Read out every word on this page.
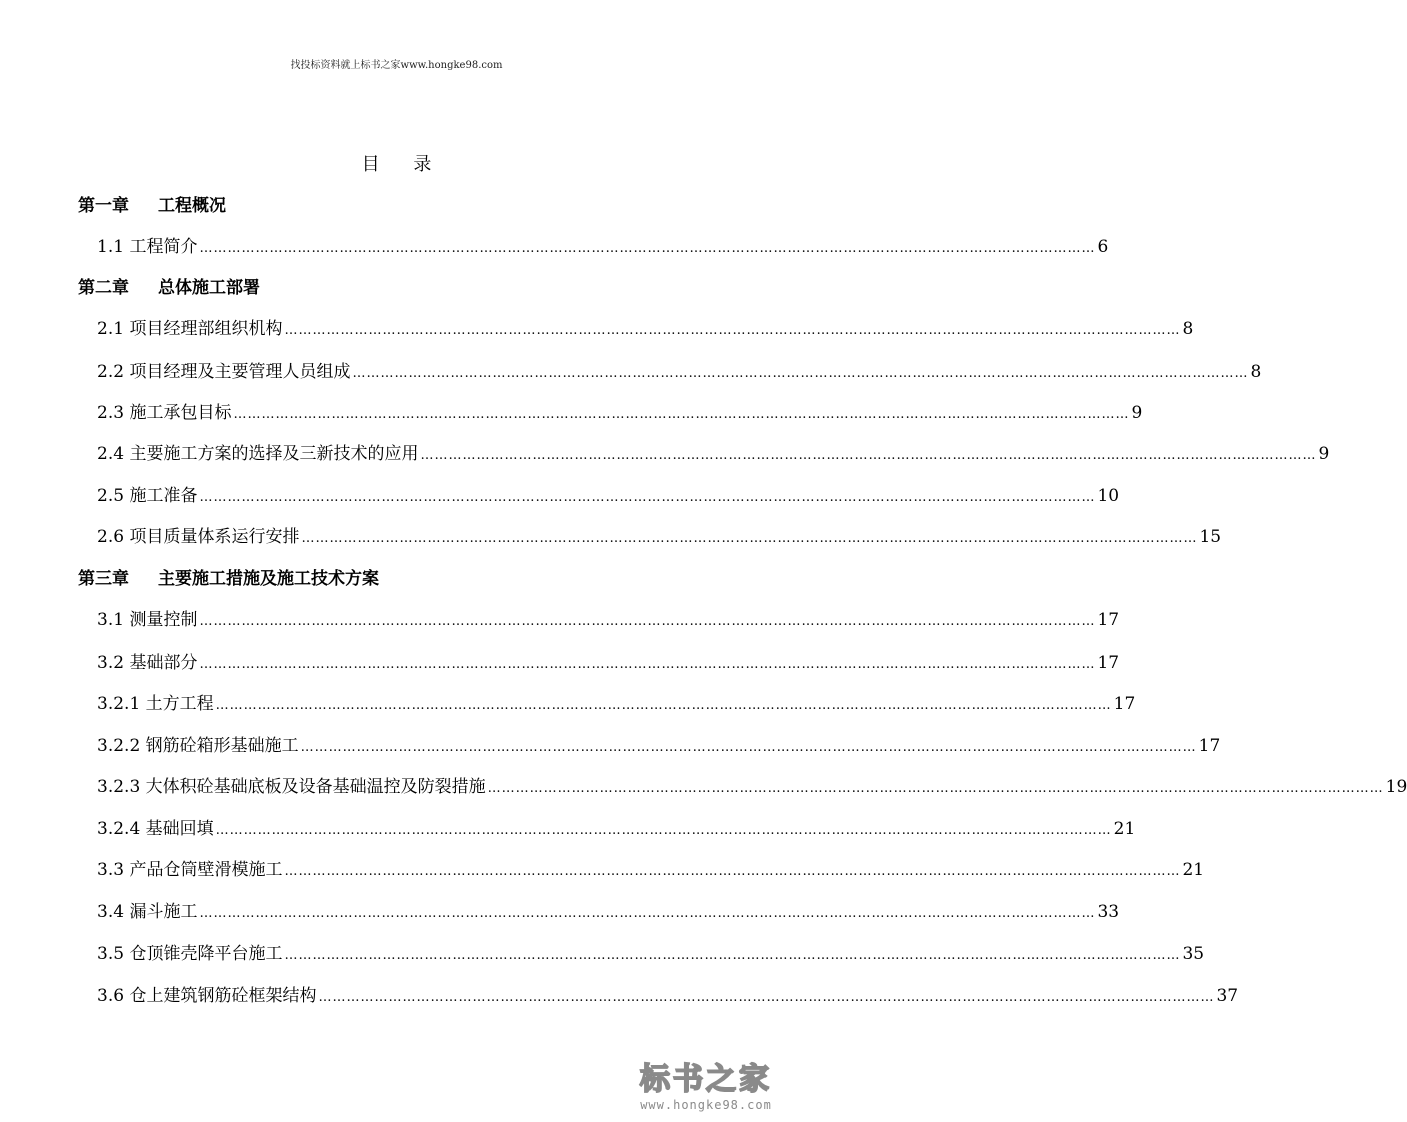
找投标资料就上标书之家www.hongke98.com
目 录
第一章 工程概况
1.1 工程简介 ………………………………………………………………………………………………………………………………………………………………………… 6
第二章 总体施工部署
2.1 项目经理部组织机构 ………………………………………………………………………………………………………………………………………………………………………… 8
2.2 项目经理及主要管理人员组成 ………………………………………………………………………………………………………………………………………………………………………… 8
2.3 施工承包目标 ………………………………………………………………………………………………………………………………………………………………………… 9
2.4 主要施工方案的选择及三新技术的应用 ………………………………………………………………………………………………………………………………………………………………………… 9
2.5 施工准备 ………………………………………………………………………………………………………………………………………………………………………… 10
2.6 项目质量体系运行安排 ………………………………………………………………………………………………………………………………………………………………………… 15
第三章 主要施工措施及施工技术方案
3.1 测量控制 ………………………………………………………………………………………………………………………………………………………………………… 17
3.2 基础部分 ………………………………………………………………………………………………………………………………………………………………………… 17
3.2.1 土方工程 ………………………………………………………………………………………………………………………………………………………………………… 17
3.2.2 钢筋砼箱形基础施工 ………………………………………………………………………………………………………………………………………………………………………… 17
3.2.3 大体积砼基础底板及设备基础温控及防裂措施 ………………………………………………………………………………………………………………………………………………………………………… 19
3.2.4 基础回填 ………………………………………………………………………………………………………………………………………………………………………… 21
3.3 产品仓筒壁滑模施工 ………………………………………………………………………………………………………………………………………………………………………… 21
3.4 漏斗施工 ………………………………………………………………………………………………………………………………………………………………………… 33
3.5 仓顶锥壳降平台施工 ………………………………………………………………………………………………………………………………………………………………………… 35
3.6 仓上建筑钢筋砼框架结构 ………………………………………………………………………………………………………………………………………………………………………… 37
标书之家
www.hongke98.com
